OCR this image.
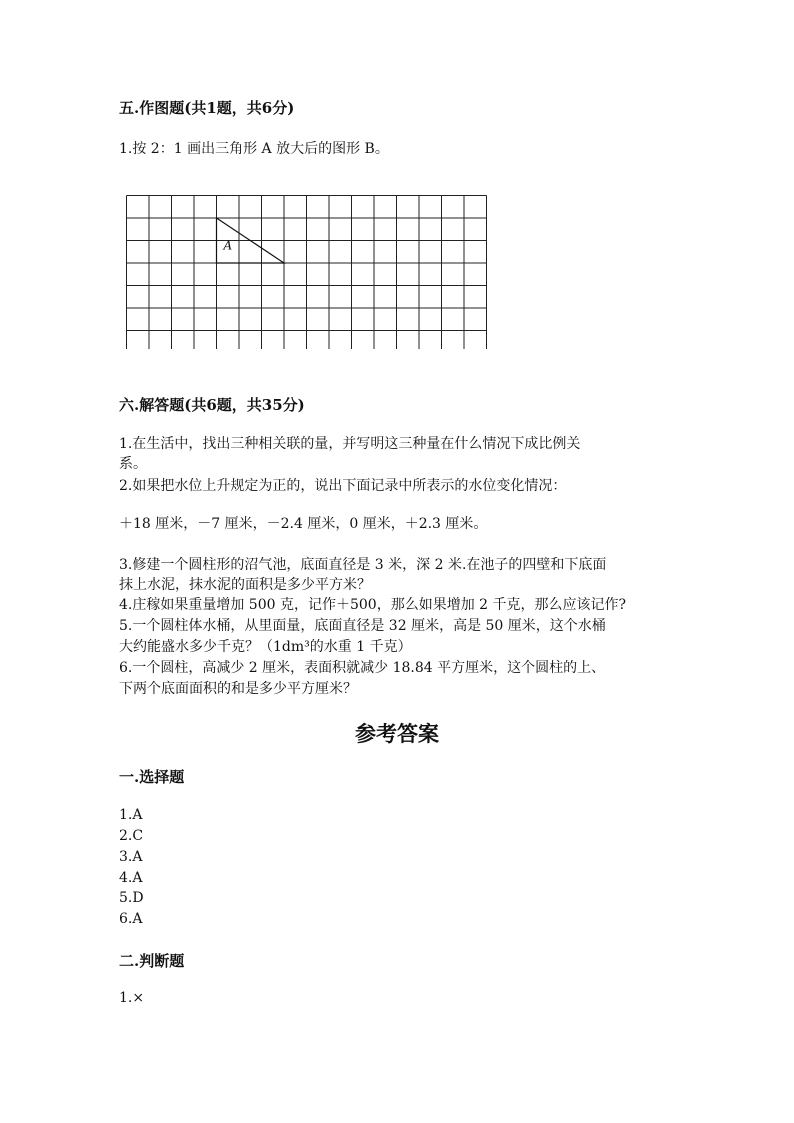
五.作图题(共1题，共6分)
1.按 2：1 画出三角形 A 放大后的图形 B。
A
六.解答题(共6题，共35分)
1.在生活中，找出三种相关联的量，并写明这三种量在什么情况下成比例关
系。
2.如果把水位上升规定为正的，说出下面记录中所表示的水位变化情况：
＋18 厘米，－7 厘米，－2.4 厘米，0 厘米，＋2.3 厘米。
3.修建一个圆柱形的沼气池，底面直径是 3 米，深 2 米.在池子的四壁和下底面
抹上水泥，抹水泥的面积是多少平方米？
4.庄稼如果重量增加 500 克，记作＋500，那么如果增加 2 千克，那么应该记作?
5.一个圆柱体水桶，从里面量，底面直径是 32 厘米，高是 50 厘米，这个水桶
大约能盛水多少千克？（1dm³的水重 1 千克）
6.一个圆柱，高减少 2 厘米，表面积就减少 18.84 平方厘米，这个圆柱的上、
下两个底面面积的和是多少平方厘米？
参考答案
一.选择题
1.A
2.C
3.A
4.A
5.D
6.A
二.判断题
1.×
